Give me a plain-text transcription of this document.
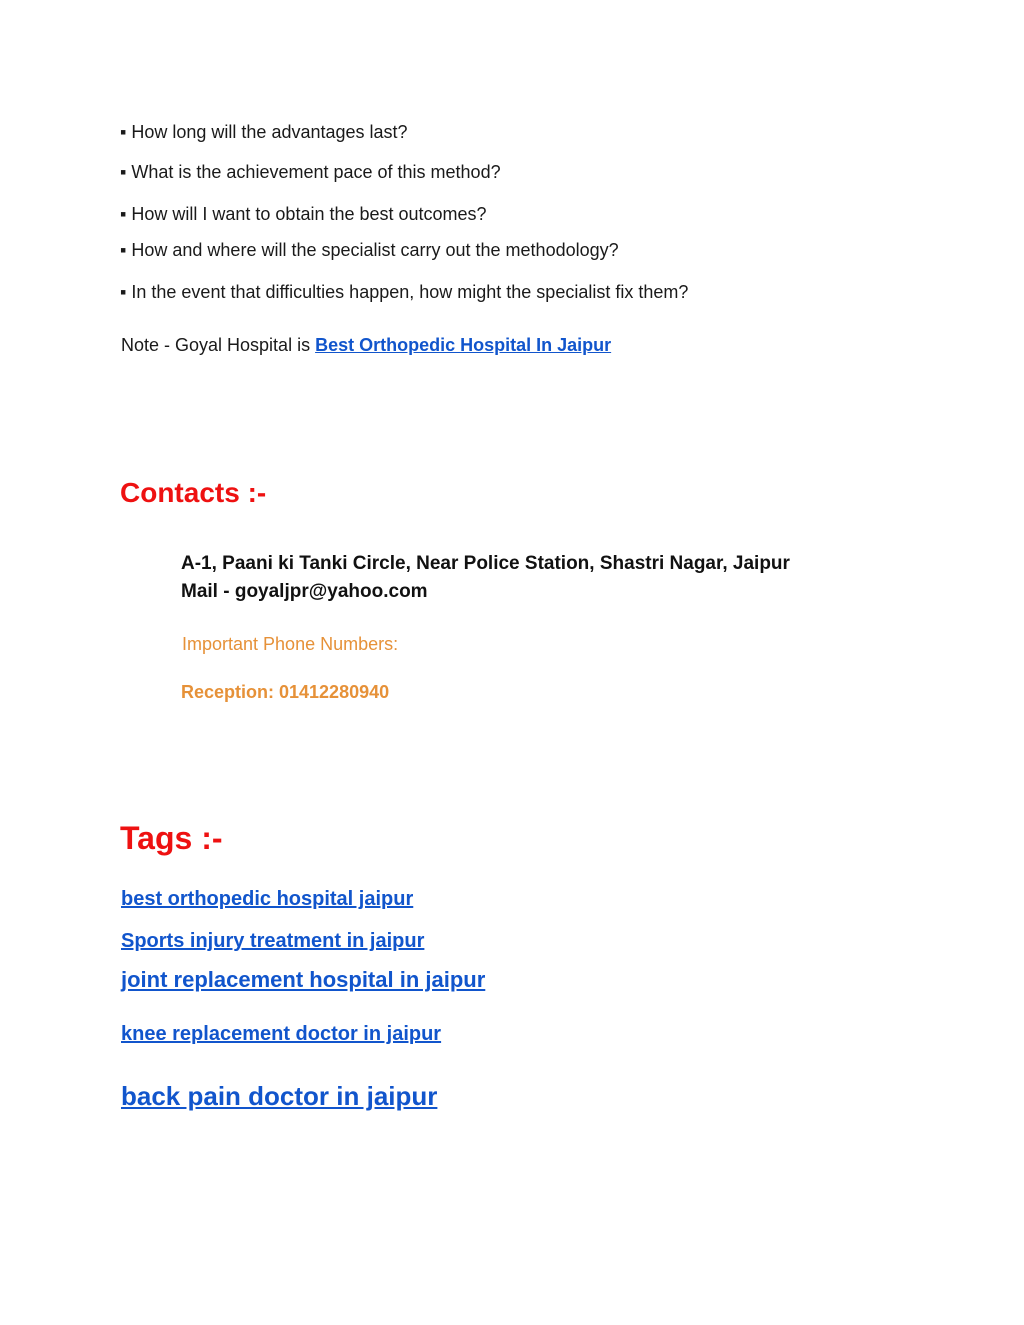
▪ How long will the advantages last?
▪ What is the achievement pace of this method?
▪ How will I want to obtain the best outcomes?
▪ How and where will the specialist carry out the methodology?
▪ In the event that difficulties happen, how might the specialist fix them?
Note - Goyal Hospital is Best Orthopedic Hospital In Jaipur
Contacts :-
A-1, Paani ki Tanki Circle, Near Police Station, Shastri Nagar, Jaipur
Mail - goyaljpr@yahoo.com
Important Phone Numbers:
Reception: 01412280940
Tags :-
best orthopedic hospital jaipur
Sports injury treatment in jaipur
joint replacement hospital in jaipur
knee replacement doctor in jaipur
back pain doctor in jaipur
